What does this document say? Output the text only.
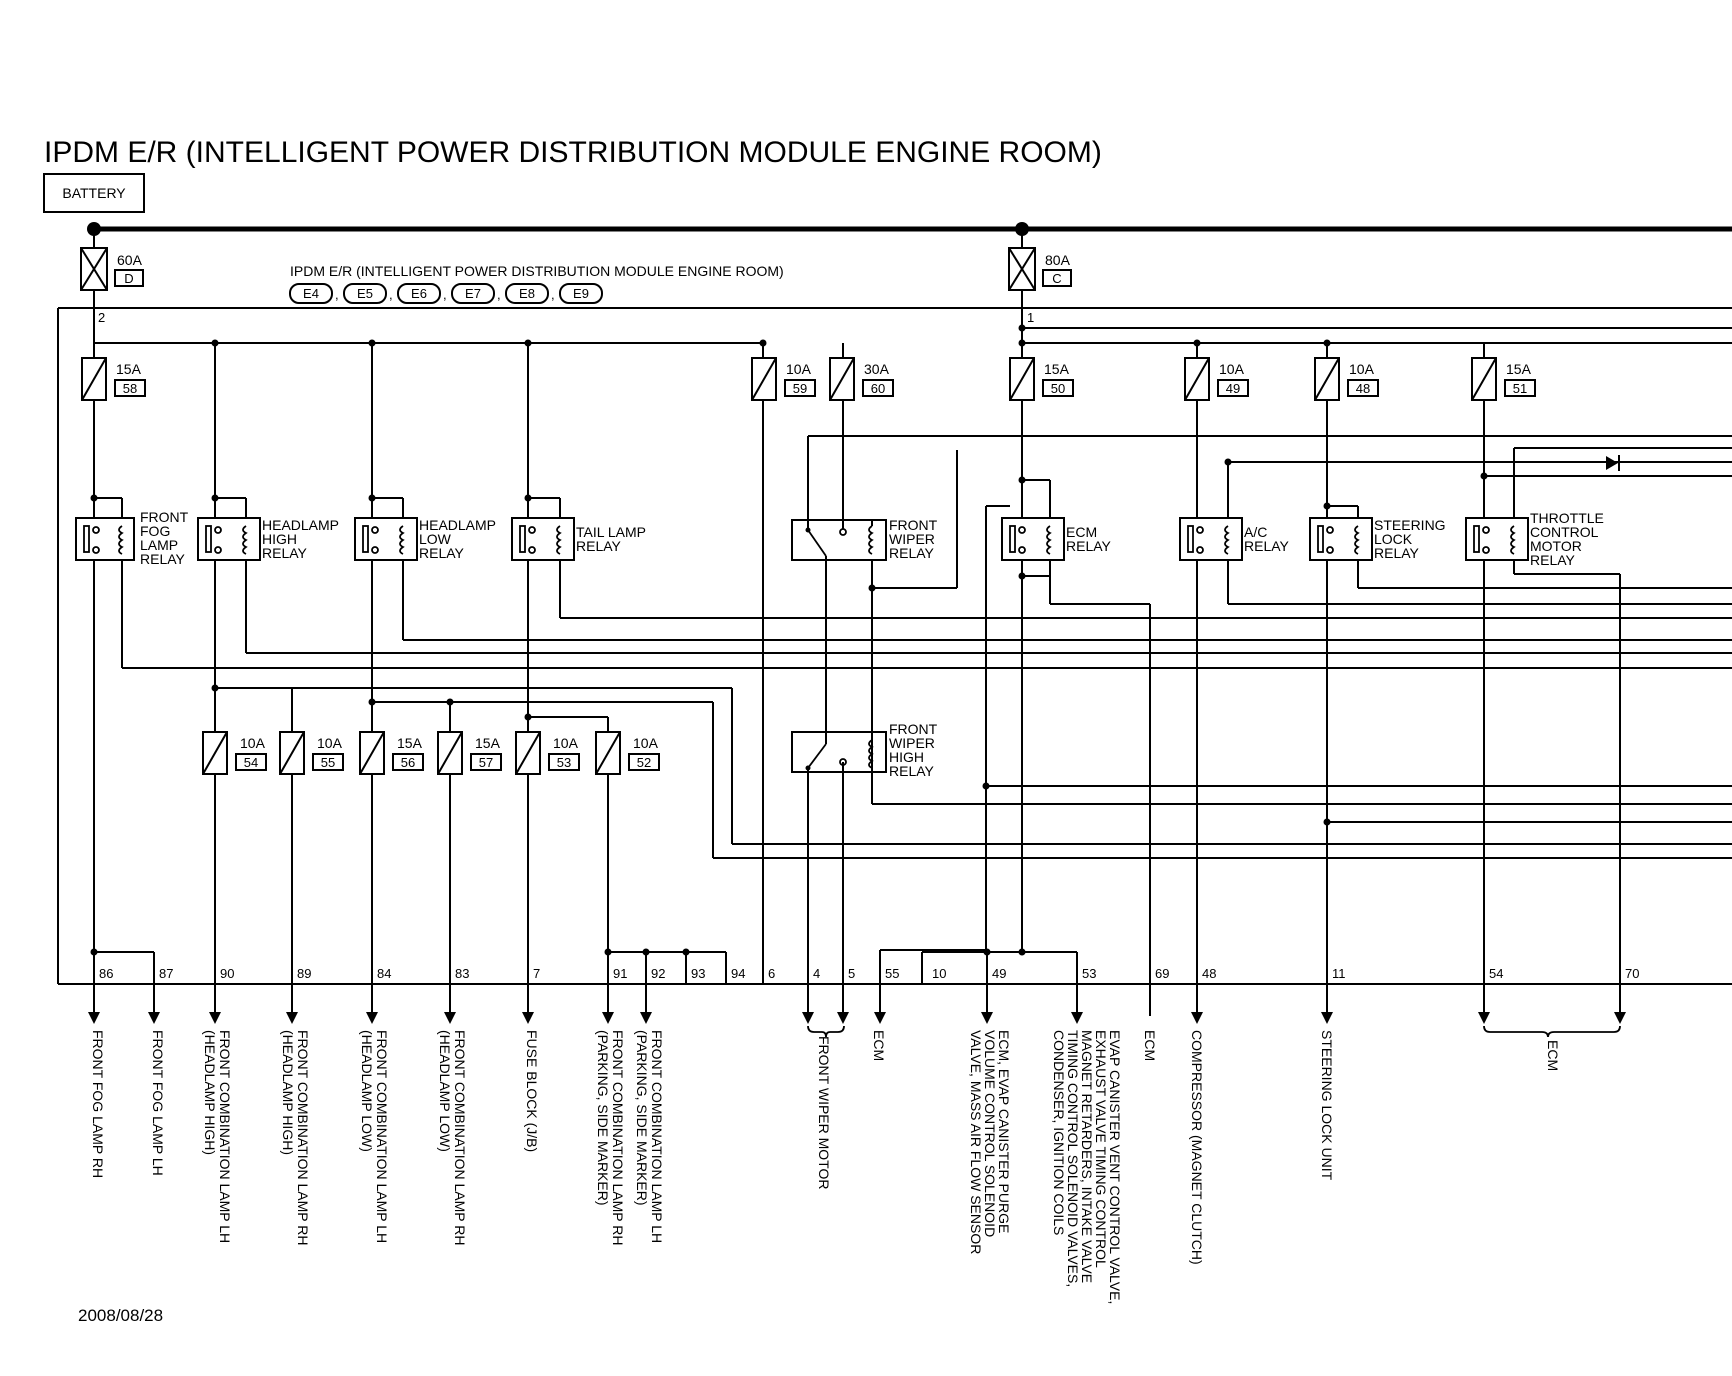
IPDM E/R (INTELLIGENT POWER DISTRIBUTION MODULE ENGINE ROOM)
BATTERY
60A
D
2
80A
C
1
IPDM E/R (INTELLIGENT POWER DISTRIBUTION MODULE ENGINE ROOM)
E4	E5	E6	E7	E8	E9
,	,	,	,	,
15A
58
10A
59
30A
60
15A
50
10A
49
10A
48
15A
51
FRONT
FOG
LAMP
RELAY
HEADLAMP
HIGH
RELAY
HEADLAMP
LOW
RELAY
TAIL LAMP
RELAY
FRONT
WIPER
RELAY
ECM
RELAY
A/C
RELAY
STEERING
LOCK
RELAY
THROTTLE
CONTROL
MOTOR
RELAY
FRONT
WIPER
HIGH
RELAY
10A
54
10A
55
15A
56
15A
57
10A
53
10A
52
86	87	90	89	84	83	7	91 92 93 94 6	4 5 55	10	49	53	69	48	11	54	70
FRONT FOG LAMP RH	FRONT FOG LAMP LH	FRONT COMBINATION LAMP LH
(HEADLAMP HIGH)	FRONT COMBINATION LAMP RH
(HEADLAMP HIGH)	FRONT COMBINATION LAMP LH
(HEADLAMP LOW)	FRONT COMBINATION LAMP RH
(HEADLAMP LOW)	FUSE BLOCK (J/B)	FRONT COMBINATION LAMP RH
(PARKING, SIDE MARKER)	FRONT COMBINATION LAMP LH
(PARKING, SIDE MARKER)	FRONT WIPER MOTOR	ECM	ECM, EVAP CANISTER PURGE
VOLUME CONTROL SOLENOID
VALVE, MASS AIR FLOW SENSOR	EVAP CANISTER VENT CONTROL VALVE,
EXHAUST VALVE TIMING CONTROL
MAGNET RETARDERS, INTAKE VALVE
TIMING CONTROL SOLENOID VALVES,
CONDENSER, IGNITION COILS	ECM COMPRESSOR (MAGNET CLUTCH)	STEERING LOCK UNIT	ECM
2008/08/28
